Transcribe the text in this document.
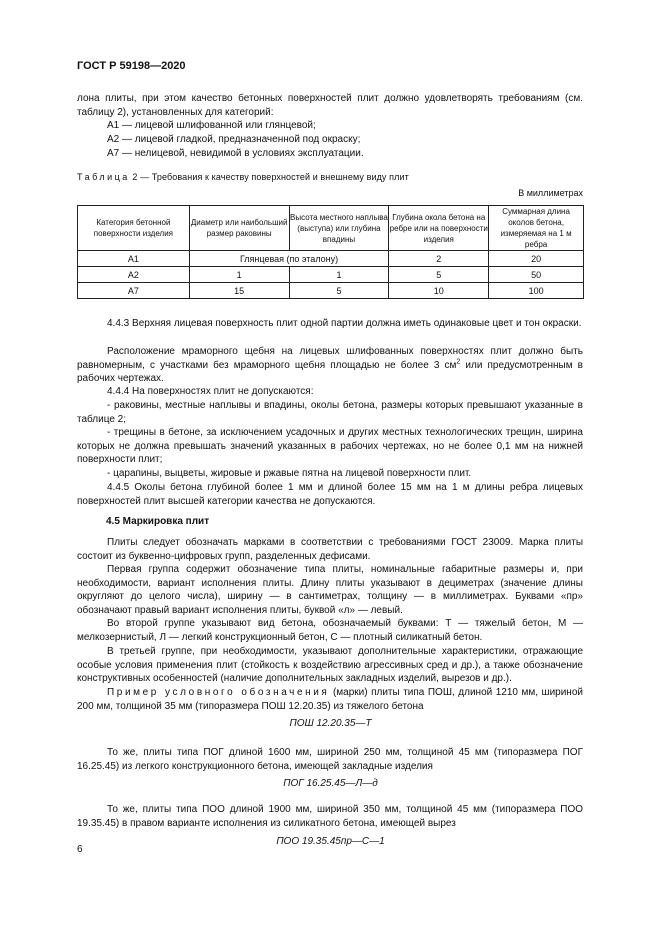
ГОСТ Р 59198—2020
лона плиты, при этом качество бетонных поверхностей плит должно удовлетворять требованиям (см. таблицу 2), установленных для категорий:
А1 — лицевой шлифованной или глянцевой;
А2 — лицевой гладкой, предназначенной под окраску;
А7 — нелицевой, невидимой в условиях эксплуатации.
Таблица 2 — Требования к качеству поверхностей и внешнему виду плит
В миллиметрах
Категория бетонной поверхности изделия	Диаметр или наибольший размер раковины	Высота местного наплыва (выступа) или глубина впадины	Глубина окола бетона на ребре или на поверхности изделия	Суммарная длина околов бетона, измеряемая на 1 м ребра
А1	Глянцевая (по эталону)		2	20
А2	1	1	5	50
А7	15	5	10	100
4.4.3 Верхняя лицевая поверхность плит одной партии должна иметь одинаковые цвет и тон окраски.
Расположение мраморного щебня на лицевых шлифованных поверхностях плит должно быть равномерным, с участками без мраморного щебня площадью не более 3 $см^2$ или предусмотренным в рабочих чертежах.
4.4.4 На поверхностях плит не допускаются:
- раковины, местные наплывы и впадины, околы бетона, размеры которых превышают указанные в таблице 2;
- трещины в бетоне, за исключением усадочных и других местных технологических трещин, ширина которых не должна превышать значений указанных в рабочих чертежах, но не более 0,1 мм на нижней поверхности плит;
- царапины, выцветы, жировые и ржавые пятна на лицевой поверхности плит.
4.4.5 Околы бетона глубиной более 1 мм и длиной более 15 мм на 1 м длины ребра лицевых поверхностей плит высшей категории качества не допускаются.
4.5 Маркировка плит
Плиты следует обозначать марками в соответствии с требованиями ГОСТ 23009. Марка плиты состоит из буквенно-цифровых групп, разделенных дефисами.
Первая группа содержит обозначение типа плиты, номинальные габаритные размеры и, при необходимости, вариант исполнения плиты. Длину плиты указывают в дециметрах (значение длины округляют до целого числа), ширину — в сантиметрах, толщину — в миллиметрах. Буквами «пр» обозначают правый вариант исполнения плиты, буквой «л» — левый.
Во второй группе указывают вид бетона, обозначаемый буквами: Т — тяжелый бетон, М — мелкозернистый, Л — легкий конструкционный бетон, С — плотный силикатный бетон.
В третьей группе, при необходимости, указывают дополнительные характеристики, отражающие особые условия применения плит (стойкость к воздействию агрессивных сред и др.), а также обозначение конструктивных особенностей (наличие дополнительных закладных изделий, вырезов и др.).
Пример условного обозначения (марки) плиты типа ПОШ, длиной 1210 мм, шириной 200 мм, толщиной 35 мм (типоразмера ПОШ 12.20.35) из тяжелого бетона
ПОШ 12.20.35—Т
То же, плиты типа ПОГ длиной 1600 мм, шириной 250 мм, толщиной 45 мм (типоразмера ПОГ 16.25.45) из легкого конструкционного бетона, имеющей закладные изделия
ПОГ 16.25.45—Л—д
То же, плиты типа ПОО длиной 1900 мм, шириной 350 мм, толщиной 45 мм (типоразмера ПОО 19.35.45) в правом варианте исполнения из силикатного бетона, имеющей вырез
ПОО 19.35.45пр—С—1
6
